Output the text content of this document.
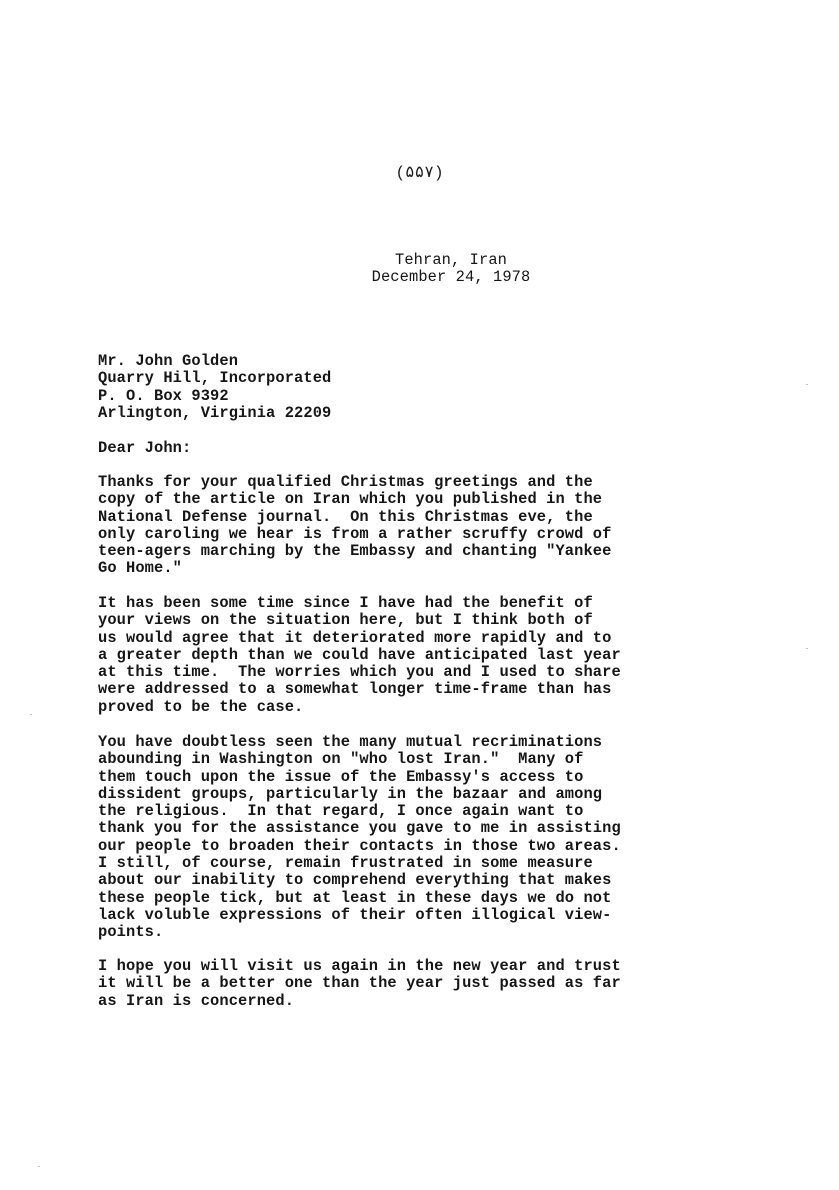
(۵۵۷)

Tehran, Iran

December 24, 1978

Mr. John Golden

Quarry Hill, Incorporated

P. O. Box 9392

Arlington, Virginia 22209

Dear John:

Thanks for your qualified Christmas greetings and the

copy of the article on Iran which you published in the

National Defense journal.  On this Christmas eve, the

only caroling we hear is from a rather scruffy crowd of

teen-agers marching by the Embassy and chanting "Yankee

Go Home."

It has been some time since I have had the benefit of

your views on the situation here, but I think both of

us would agree that it deteriorated more rapidly and to

a greater depth than we could have anticipated last year

at this time.  The worries which you and I used to share

were addressed to a somewhat longer time-frame than has

proved to be the case.

You have doubtless seen the many mutual recriminations

abounding in Washington on "who lost Iran."  Many of

them touch upon the issue of the Embassy's access to

dissident groups, particularly in the bazaar and among

the religious.  In that regard, I once again want to

thank you for the assistance you gave to me in assisting

our people to broaden their contacts in those two areas.

I still, of course, remain frustrated in some measure

about our inability to comprehend everything that makes

these people tick, but at least in these days we do not

lack voluble expressions of their often illogical view-

points.

I hope you will visit us again in the new year and trust

it will be a better one than the year just passed as far

as Iran is concerned.
